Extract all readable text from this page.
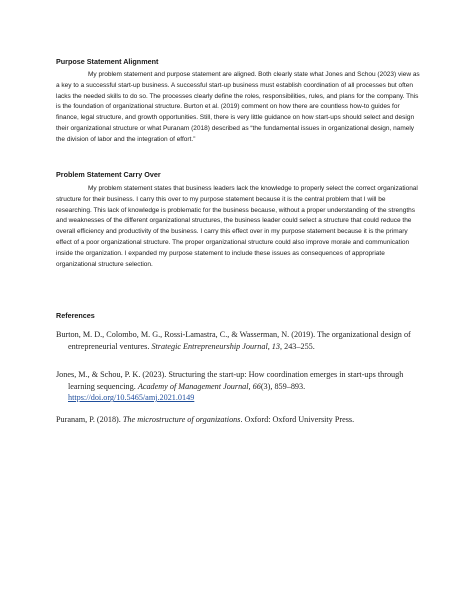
Purpose Statement Alignment
My problem statement and purpose statement are aligned. Both clearly state what Jones and Schou (2023) view as a key to a successful start-up business. A successful start-up business must establish coordination of all processes but often lacks the needed skills to do so. The processes clearly define the roles, responsibilities, rules, and plans for the company. This is the foundation of organizational structure. Burton et al. (2019) comment on how there are countless how-to guides for finance, legal structure, and growth opportunities. Still, there is very little guidance on how start-ups should select and design their organizational structure or what Puranam (2018) described as “the fundamental issues in organizational design, namely the division of labor and the integration of effort.”
Problem Statement Carry Over
My problem statement states that business leaders lack the knowledge to properly select the correct organizational structure for their business. I carry this over to my purpose statement because it is the central problem that I will be researching. This lack of knowledge is problematic for the business because, without a proper understanding of the strengths and weaknesses of the different organizational structures, the business leader could select a structure that could reduce the overall efficiency and productivity of the business. I carry this effect over in my purpose statement because it is the primary effect of a poor organizational structure. The proper organizational structure could also improve morale and communication inside the organization. I expanded my purpose statement to include these issues as consequences of appropriate organizational structure selection.
References
Burton, M. D., Colombo, M. G., Rossi-Lamastra, C., & Wasserman, N. (2019). The organizational design of entrepreneurial ventures. Strategic Entrepreneurship Journal, 13, 243–255.
Jones, M., & Schou, P. K. (2023). Structuring the start-up: How coordination emerges in start-ups through learning sequencing. Academy of Management Journal, 66(3), 859–893. https://doi.org/10.5465/amj.2021.0149
Puranam, P. (2018). The microstructure of organizations. Oxford: Oxford University Press.
